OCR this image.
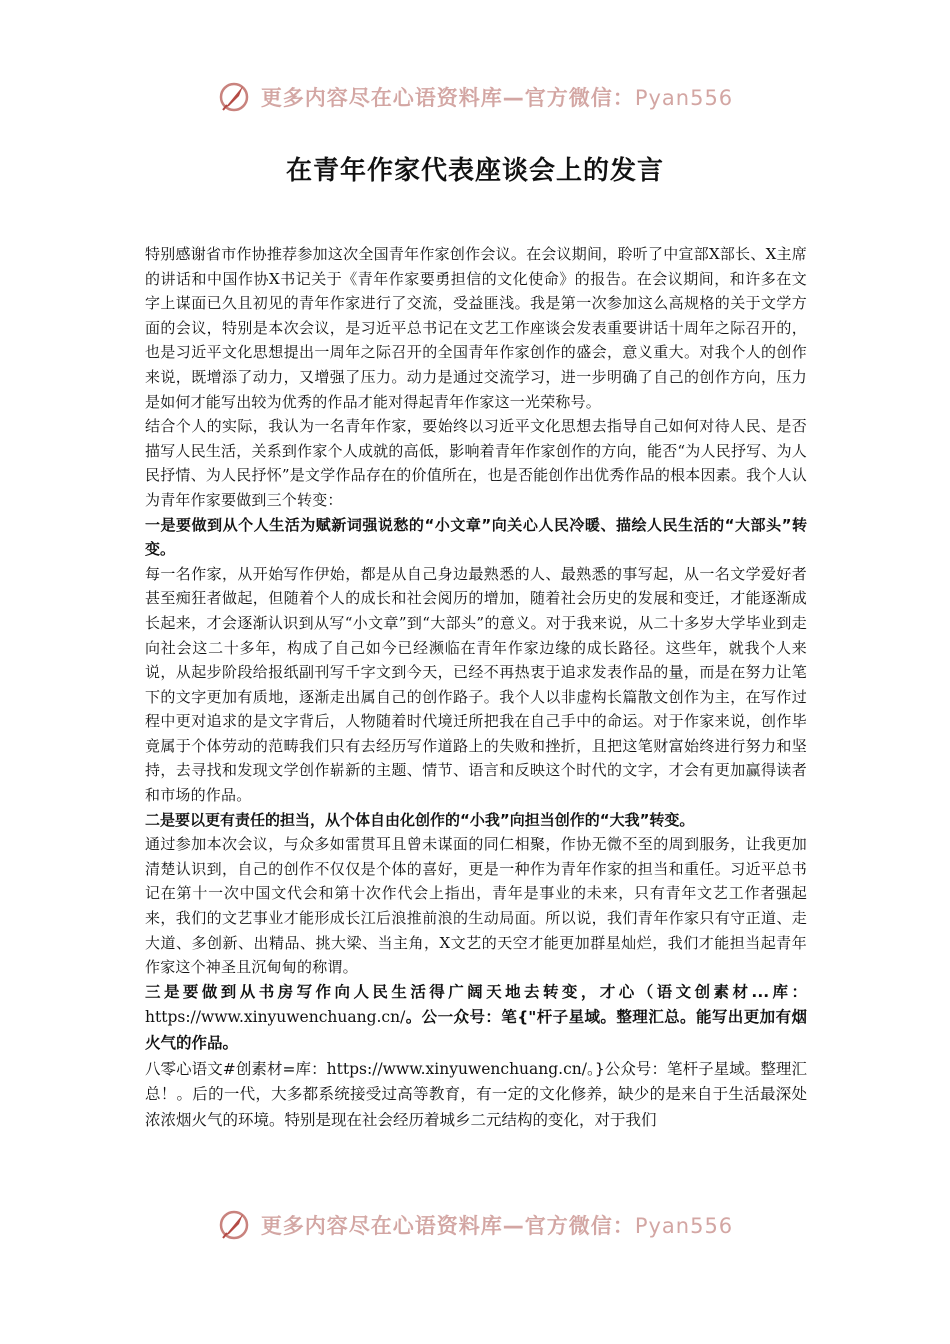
更多内容尽在心语资料库—官方微信：Pyan556
在青年作家代表座谈会上的发言

特别感谢省市作协推荐参加这次全国青年作家创作会议。在会议期间，聆听了中宣部X部长、X主席的讲话和中国作协X书记关于《青年作家要勇担信的文化使命》的报告。在会议期间，和许多在文字上谋面已久且初见的青年作家进行了交流，受益匪浅。我是第一次参加这么高规格的关于文学方面的会议，特别是本次会议，是习近平总书记在文艺工作座谈会发表重要讲话十周年之际召开的，也是习近平文化思想提出一周年之际召开的全国青年作家创作的盛会，意义重大。对我个人的创作来说，既增添了动力，又增强了压力。动力是通过交流学习，进一步明确了自己的创作方向，压力是如何才能写出较为优秀的作品才能对得起青年作家这一光荣称号。

结合个人的实际，我认为一名青年作家，要始终以习近平文化思想去指导自己如何对待人民、是否描写人民生活，关系到作家个人成就的高低，影响着青年作家创作的方向，能否“为人民抒写、为人民抒情、为人民抒怀”是文学作品存在的价值所在，也是否能创作出优秀作品的根本因素。我个人认为青年作家要做到三个转变：

一是要做到从个人生活为赋新词强说愁的“小文章”向关心人民冷暖、描绘人民生活的“大部头”转变。

每一名作家，从开始写作伊始，都是从自己身边最熟悉的人、最熟悉的事写起，从一名文学爱好者甚至痴狂者做起，但随着个人的成长和社会阅历的增加，随着社会历史的发展和变迁，才能逐渐成长起来，才会逐渐认识到从写“小文章”到“大部头”的意义。对于我来说，从二十多岁大学毕业到走向社会这二十多年，构成了自己如今已经濒临在青年作家边缘的成长路径。这些年，就我个人来说，从起步阶段给报纸副刊写千字文到今天，已经不再热衷于追求发表作品的量，而是在努力让笔下的文字更加有质地，逐渐走出属自己的创作路子。我个人以非虚构长篇散文创作为主，在写作过程中更对追求的是文字背后，人物随着时代境迁所把我在自己手中的命运。对于作家来说，创作毕竟属于个体劳动的范畴我们只有去经历写作道路上的失败和挫折，且把这笔财富始终进行努力和坚持，去寻找和发现文学创作崭新的主题、情节、语言和反映这个时代的文字，才会有更加赢得读者和市场的作品。

二是要以更有责任的担当，从个体自由化创作的“小我”向担当创作的“大我”转变。

通过参加本次会议，与众多如雷贯耳且曾未谋面的同仁相聚，作协无微不至的周到服务，让我更加清楚认识到，自己的创作不仅仅是个体的喜好，更是一种作为青年作家的担当和重任。习近平总书记在第十一次中国文代会和第十次作代会上指出，青年是事业的未来，只有青年文艺工作者强起来，我们的文艺事业才能形成长江后浪推前浪的生动局面。所以说，我们青年作家只有守正道、走大道、多创新、出精品、挑大梁、当主角，X文艺的天空才能更加群星灿烂，我们才能担当起青年作家这个神圣且沉甸甸的称谓。

三是要做到从书房写作向人民生活得广阔天地去转变，才心（语文创素材...库： https://www.xinyuwenchuang.cn/。公一众号：笔{"杆子星域。整理汇总。能写出更加有烟火气的作品。

八零心语文#创素材=库：https://www.xinyuwenchuang.cn/。}公众号：笔杆子星域。整理汇总！。后的一代，大多都系统接受过高等教育，有一定的文化修养，缺少的是来自于生活最深处浓浓烟火气的环境。特别是现在社会经历着城乡二元结构的变化，对于我们

更多内容尽在心语资料库—官方微信：Pyan556
